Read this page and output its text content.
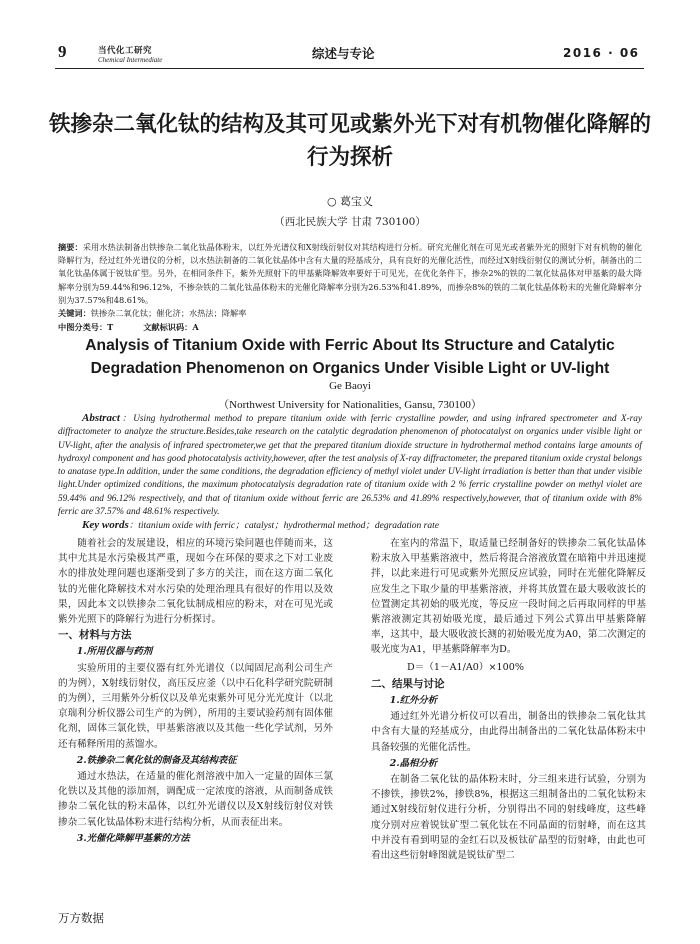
9	当代化工研究
Chemical Intermediate	综述与专论	2016 · 06
铁掺杂二氧化钛的结构及其可见或紫外光下对有机物催化降解的行为探析
○ 葛宝义
（西北民族大学 甘肃 730100）
摘要：采用水热法制备出铁掺杂二氧化钛晶体粉末，以红外光谱仪和X射线衍射仪对其结构进行分析。研究光催化剂在可见光或者紫外光的照射下对有机物的催化降解行为，经过红外光谱仪的分析，以水热法制备的二氧化钛晶体中含有大量的羟基成分，具有良好的光催化活性，而经过X射线衍射仪的测试分析，制备出的二氧化钛晶体属于锐钛矿型。另外，在相同条件下，紫外光照射下的甲基紫降解效率要好于可见光，在优化条件下，掺杂2%的铁的二氧化钛晶体对甲基紫的最大降解率分别为59.44%和96.12%，不掺杂铁的二氧化钛晶体粉末的光催化降解率分别为26.53%和41.89%，而掺杂8%的铁的二氧化钛晶体粉末的光催化降解率分别为37.57%和48.61%。
关键词：铁掺杂二氧化钛；催化济；水热法；降解率
中图分类号：T	文献标识码：A
Analysis of Titanium Oxide with Ferric About Its Structure and Catalytic Degradation Phenomenon on Organics Under Visible Light or UV-light
Ge Baoyi
（Northwest University for Nationalities, Gansu, 730100）
Abstract：Using hydrothermal method to prepare titanium oxide with ferric crystalline powder, and using infrared spectrometer and X-ray diffractometer to analyze the structure.Besides,take research on the catalytic degradation phenomenon of photocatalyst on organics under visible light or UV-light, after the analysis of infrared spectrometer,we get that the prepared titanium dioxide structure in hydrothermal method contains large amounts of hydroxyl component and has good photocatalysis activity,however, after the test analysis of X-ray diffractometer, the prepared titanium oxide crystal belongs to anatase type.In addition, under the same conditions, the degradation efficiency of methyl violet under UV-light irradiation is better than that under visible light.Under optimized conditions, the maximum photocatalysis degradation rate of titanium oxide with 2 % ferric crystalline powder on methyl violet are 59.44% and 96.12% respectively, and that of titanium oxide without ferric are 26.53% and 41.89% respectively,however, that of titanium oxide with 8% ferric are 37.57% and 48.61% respectively.
Key words：titanium oxide with ferric；catalyst；hydrothermal method；degradation rate

随着社会的发展建设，相应的环境污染问题也伴随而来，这其中尤其是水污染极其严重，现如今在环保的要求之下对工业废水的排放处理问题也逐渐受到了多方的关注，而在这方面二氧化钛的光催化降解技术对水污染的处理治理具有很好的作用以及效果，因此本文以铁掺杂二氧化钛制成相应的粉末，对在可见光或紫外光照下的降解行为进行分析探讨。

一、材料与方法
1.所用仪器与药剂

实验所用的主要仪器有红外光谱仪（以闻固尼高利公司生产的为例），X射线衍射仪，高压反应釜（以中石化科学研究院研制的为例），三用紫外分析仪以及单光束紫外可见分光光度计（以北京瑞利分析仪器公司生产的为例），所用的主要试验药剂有固体催化剂，固体三氯化铁，甲基紫溶液以及其他一些化学试剂，另外还有稀释所用的蒸馏水。

2.铁掺杂二氧化钛的制备及其结构表征

通过水热法，在适量的催化剂溶液中加入一定量的固体三氯化铁以及其他的添加剂，调配成一定浓度的溶液，从而制备成铁掺杂二氧化钛的粉末晶体，以红外光谱仪以及X射线衍射仪对铁掺杂二氧化钛晶体粉末进行结构分析，从而表征出来。

3.光催化降解甲基紫的方法

在室内的常温下，取适量已经制备好的铁掺杂二氧化钛晶体粉末放入甲基紫溶液中，然后将混合溶液放置在暗箱中并迅速搅拌，以此来进行可见或紫外光照反应试验，同时在光催化降解反应发生之下取少量的甲基紫溶液，并将其放置在最大吸收波长的位置测定其初始的吸光度，等反应一段时间之后再取同样的甲基紫溶液测定其初始吸光度，最后通过下列公式算出甲基紫降解率，这其中，最大吸收波长测的初始吸光度为A0，第二次测定的吸光度为A1，甲基紫降解率为D。

D＝（1－A1/A0）×100%
二、结果与讨论
1.红外分析

通过红外光谱分析仪可以看出，制备出的铁掺杂二氧化钛其中含有大量的羟基成分，由此得出制备出的二氧化钛晶体粉末中具备较强的光催化活性。

2.晶相分析

在制备二氧化钛的晶体粉末时，分三组来进行试验，分别为不掺铁，掺铁2%，掺铁8%，根据这三组制备出的二氧化钛粉末通过X射线衍射仪进行分析，分别得出不同的射线峰度，这些峰度分别对应着锐钛矿型二氧化钛在不同晶面的衍射峰，而在这其中并没有看到明显的金红石以及板钛矿晶型的衍射峰，由此也可看出这些衍射峰图就是锐钛矿型二

万方数据
